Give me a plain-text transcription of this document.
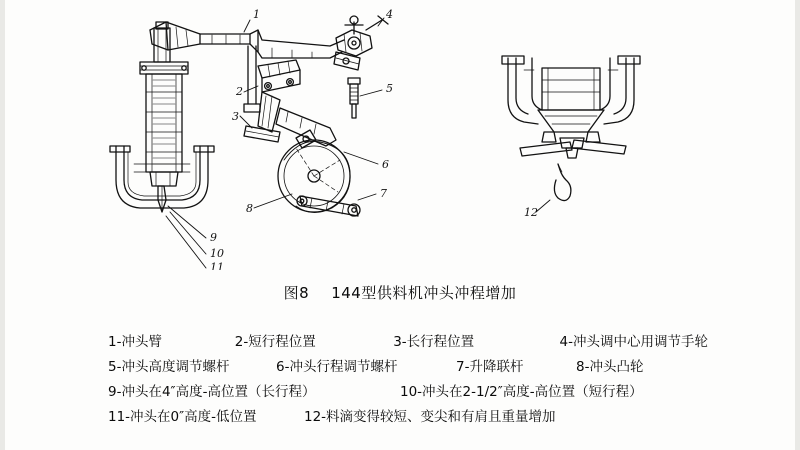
1	4
2
3
5
6
7
8
9
10
11
12
图8 144型供料机冲头冲程增加
1-冲头臂	2-短行程位置	3-长行程位置	4-冲头调中心用调节手轮
5-冲头高度调节螺杆	6-冲头行程调节螺杆	7-升降联杆	8-冲头凸轮
9-冲头在4″高度-高位置（长行程）	10-冲头在2-1/2″高度-高位置（短行程）
11-冲头在0″高度-低位置	12-料滴变得较短、变尖和有肩且重量增加
